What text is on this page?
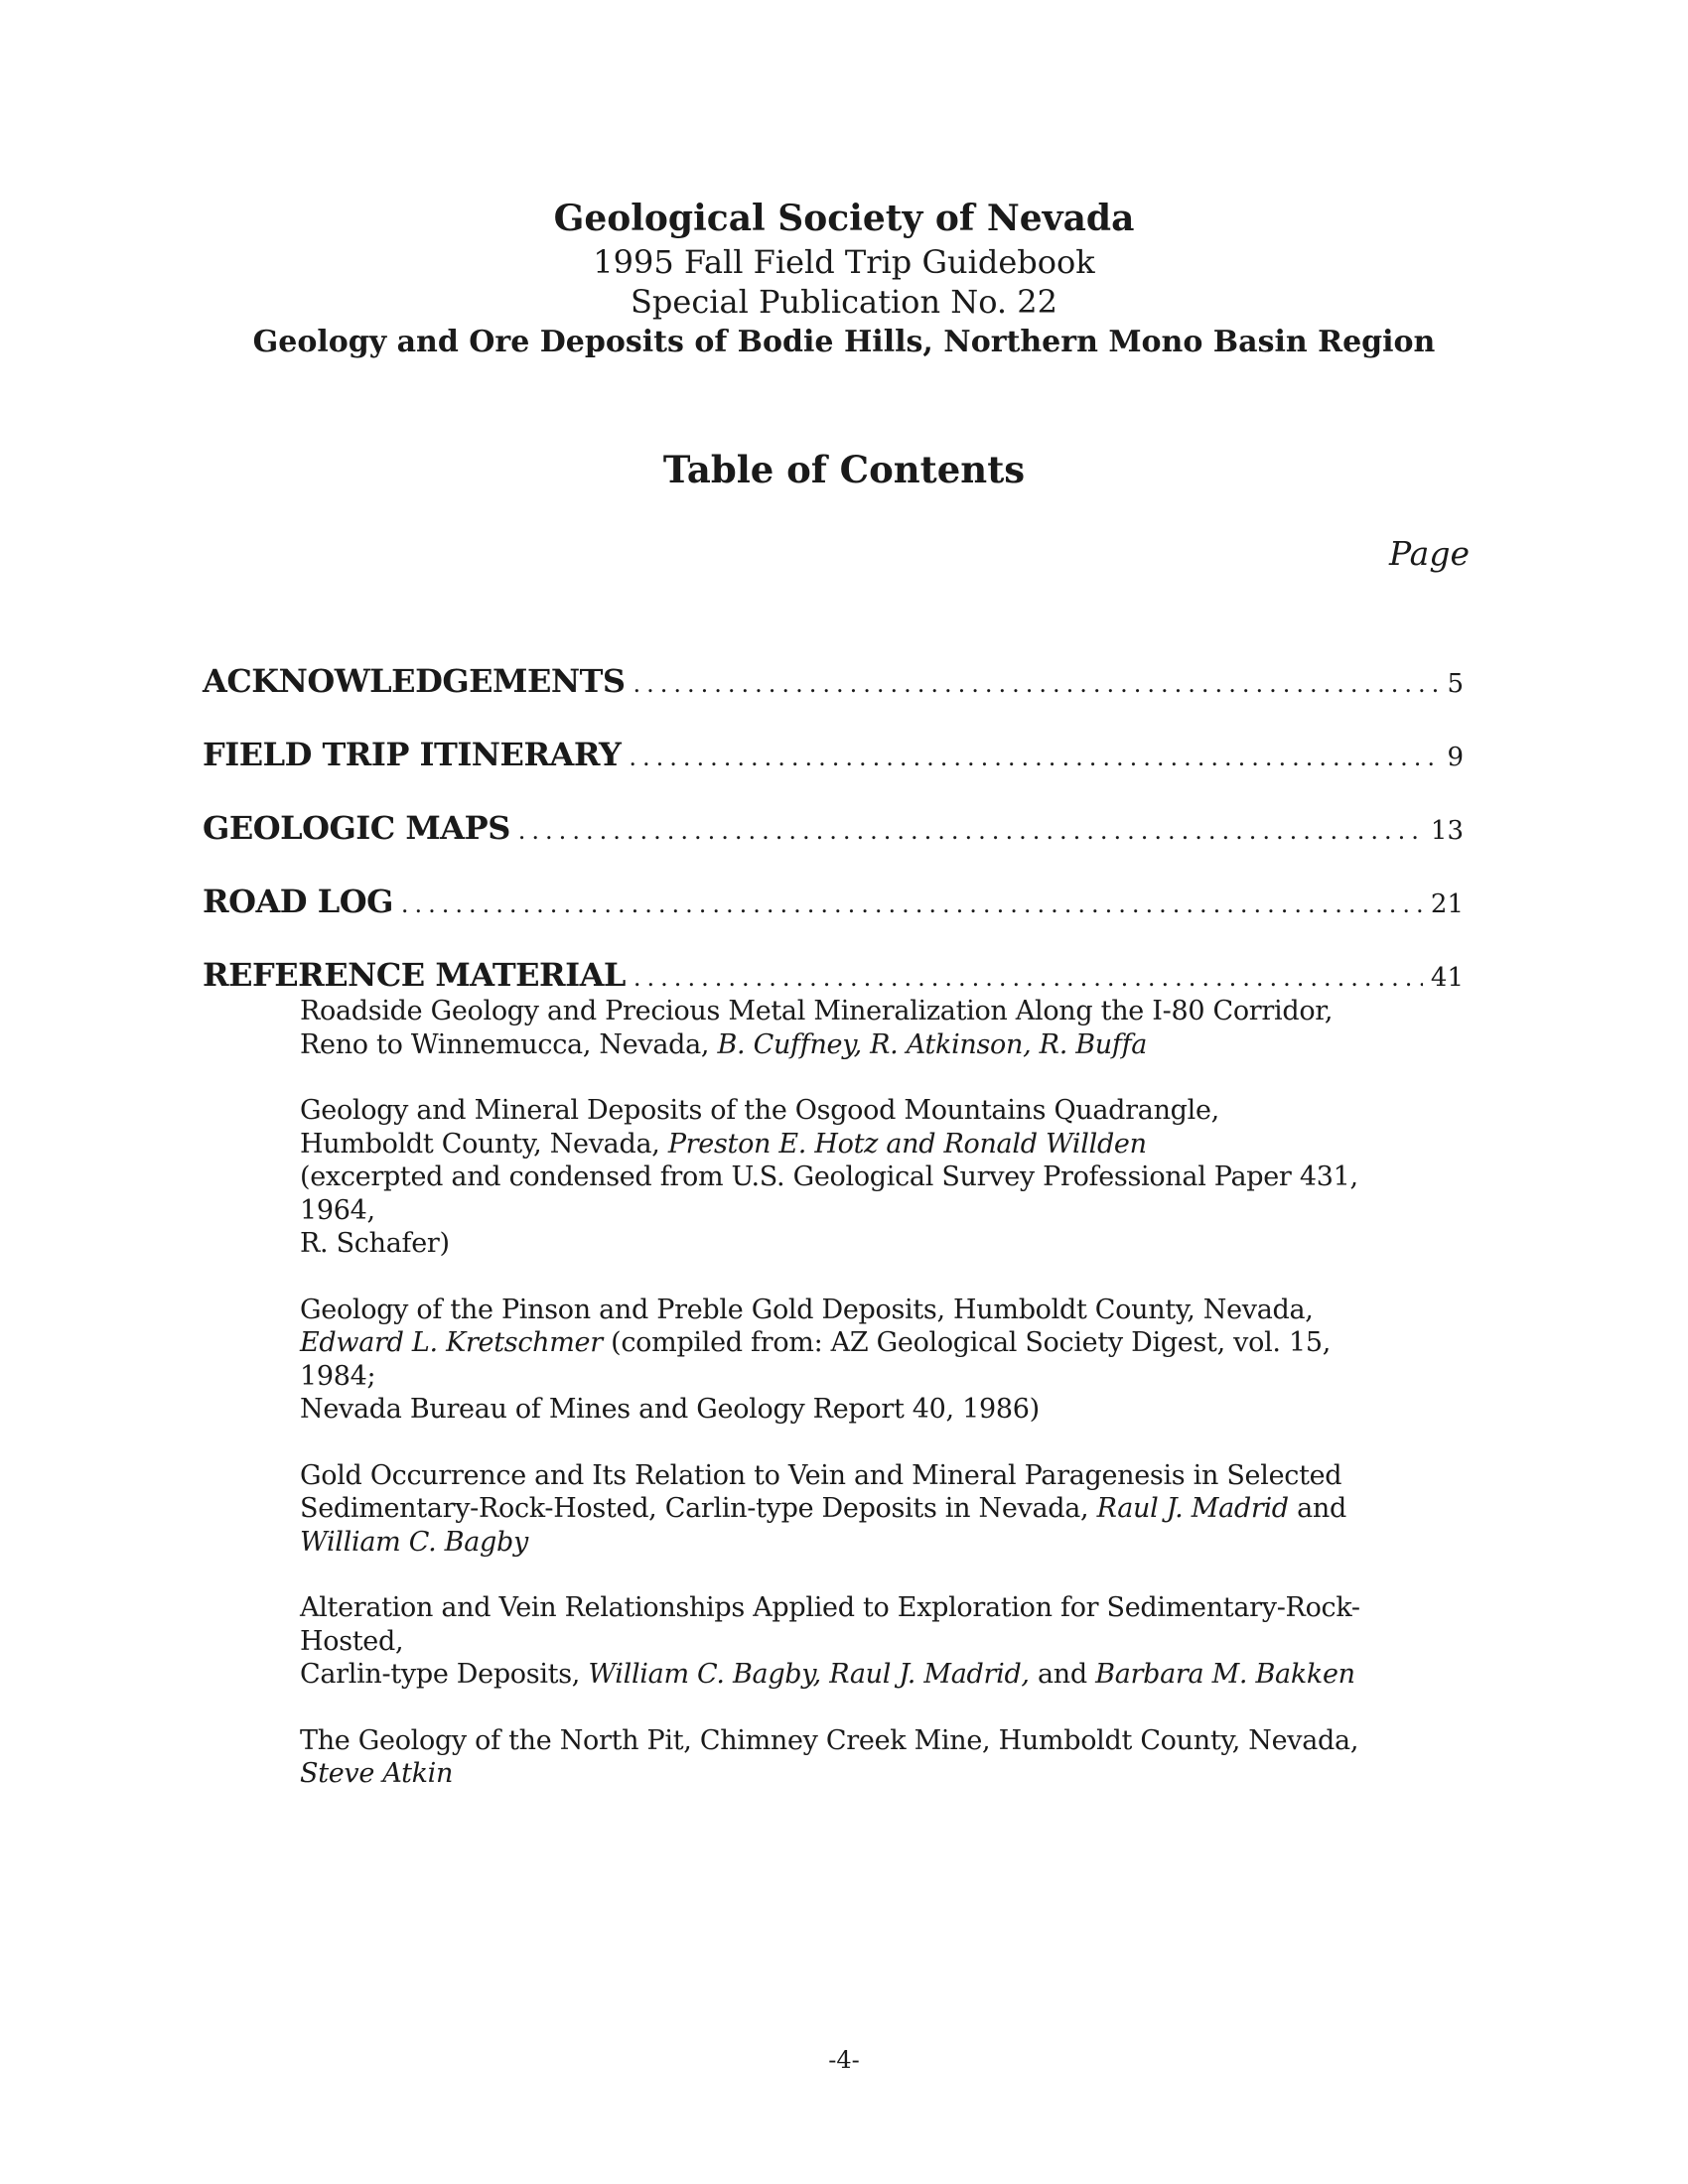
Geological Society of Nevada
1995 Fall Field Trip Guidebook
Special Publication No. 22
Geology and Ore Deposits of Bodie Hills, Northern Mono Basin Region
Table of Contents
Page
ACKNOWLEDGEMENTS .....	5
FIELD TRIP ITINERARY .....	9
GEOLOGIC MAPS .....	13
ROAD LOG .....	21
REFERENCE MATERIAL .....	41
Roadside Geology and Precious Metal Mineralization Along the I-80 Corridor,
Reno to Winnemucca, Nevada, B. Cuffney, R. Atkinson, R. Buffa
Geology and Mineral Deposits of the Osgood Mountains Quadrangle,
Humboldt County, Nevada, Preston E. Hotz and Ronald Willden
(excerpted and condensed from U.S. Geological Survey Professional Paper 431, 1964,
R. Schafer)
Geology of the Pinson and Preble Gold Deposits, Humboldt County, Nevada,
Edward L. Kretschmer (compiled from: AZ Geological Society Digest, vol. 15, 1984;
Nevada Bureau of Mines and Geology Report 40, 1986)
Gold Occurrence and Its Relation to Vein and Mineral Paragenesis in Selected
Sedimentary-Rock-Hosted, Carlin-type Deposits in Nevada, Raul J. Madrid and
William C. Bagby
Alteration and Vein Relationships Applied to Exploration for Sedimentary-Rock-Hosted,
Carlin-type Deposits, William C. Bagby, Raul J. Madrid, and Barbara M. Bakken
The Geology of the North Pit, Chimney Creek Mine, Humboldt County, Nevada, Steve Atkin
-4-
